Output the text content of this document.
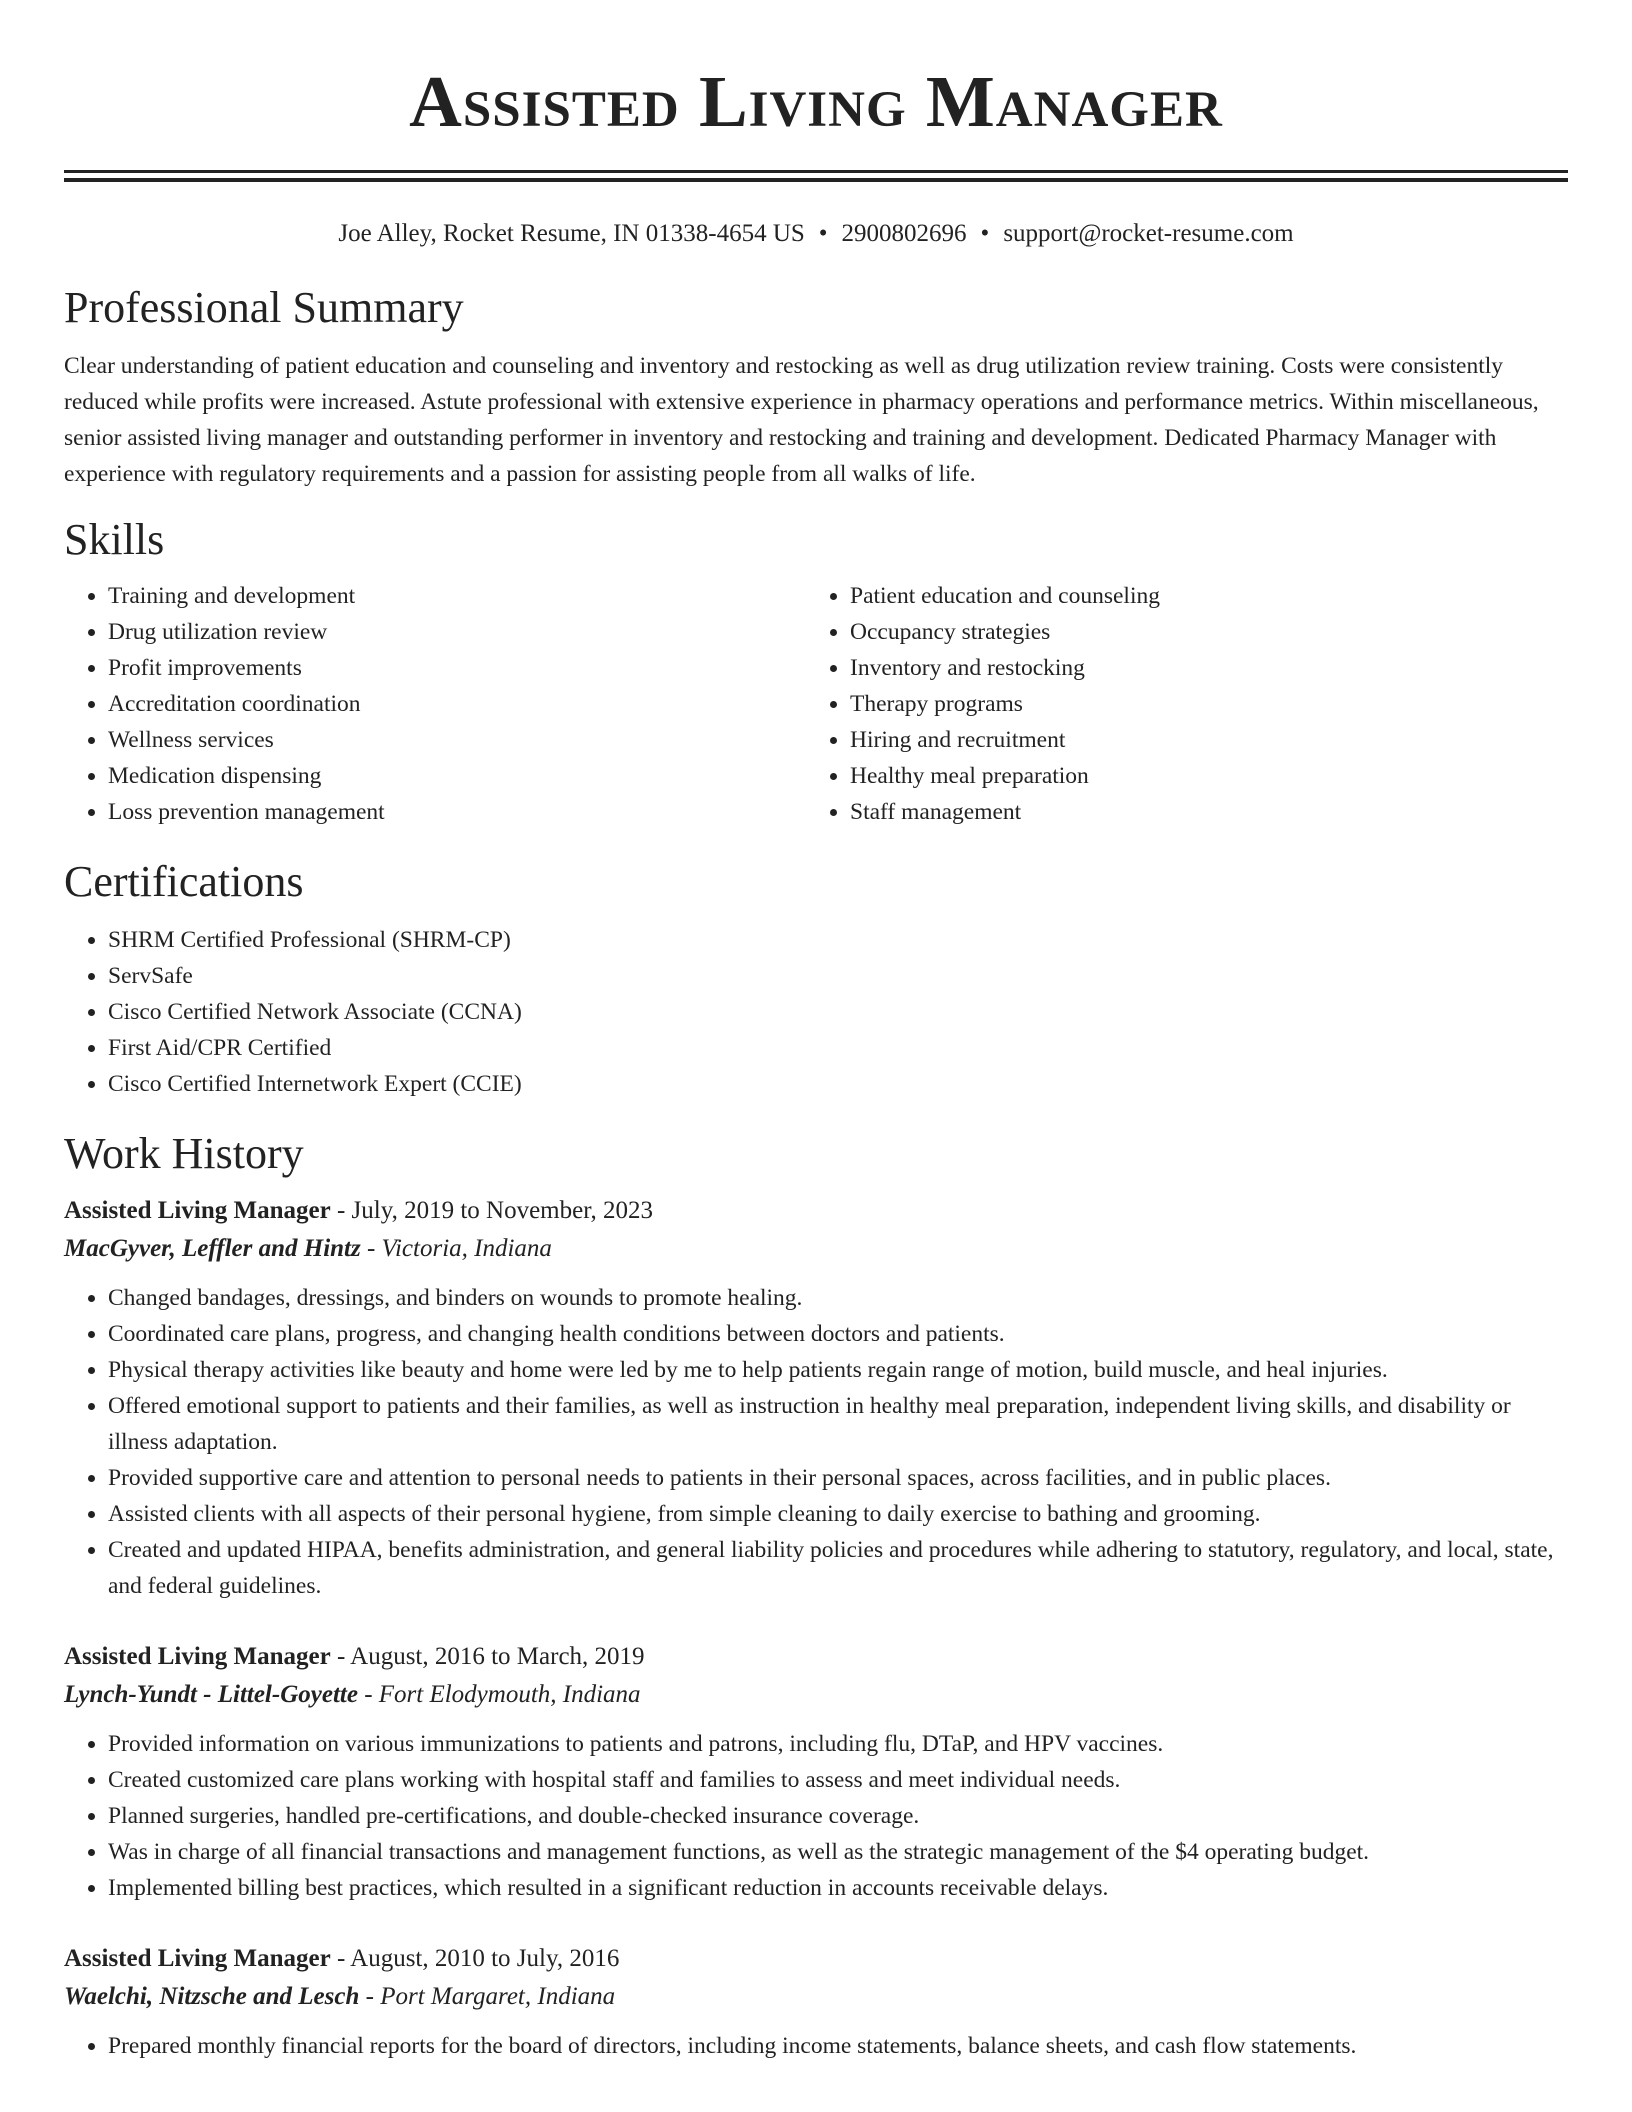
Assisted Living Manager
Joe Alley, Rocket Resume, IN 01338-4654 US • 2900802696 • support@rocket-resume.com
Professional Summary
Clear understanding of patient education and counseling and inventory and restocking as well as drug utilization review training. Costs were consistently reduced while profits were increased. Astute professional with extensive experience in pharmacy operations and performance metrics. Within miscellaneous, senior assisted living manager and outstanding performer in inventory and restocking and training and development. Dedicated Pharmacy Manager with experience with regulatory requirements and a passion for assisting people from all walks of life.
Skills
• Training and development
• Drug utilization review
• Profit improvements
• Accreditation coordination
• Wellness services
• Medication dispensing
• Loss prevention management
• Patient education and counseling
• Occupancy strategies
• Inventory and restocking
• Therapy programs
• Hiring and recruitment
• Healthy meal preparation
• Staff management
Certifications
• SHRM Certified Professional (SHRM-CP)
• ServSafe
• Cisco Certified Network Associate (CCNA)
• First Aid/CPR Certified
• Cisco Certified Internetwork Expert (CCIE)
Work History
Assisted Living Manager - July, 2019 to November, 2023
MacGyver, Leffler and Hintz - Victoria, Indiana
• Changed bandages, dressings, and binders on wounds to promote healing.
• Coordinated care plans, progress, and changing health conditions between doctors and patients.
• Physical therapy activities like beauty and home were led by me to help patients regain range of motion, build muscle, and heal injuries.
• Offered emotional support to patients and their families, as well as instruction in healthy meal preparation, independent living skills, and disability or illness adaptation.
• Provided supportive care and attention to personal needs to patients in their personal spaces, across facilities, and in public places.
• Assisted clients with all aspects of their personal hygiene, from simple cleaning to daily exercise to bathing and grooming.
• Created and updated HIPAA, benefits administration, and general liability policies and procedures while adhering to statutory, regulatory, and local, state, and federal guidelines.
Assisted Living Manager - August, 2016 to March, 2019
Lynch-Yundt - Littel-Goyette - Fort Elodymouth, Indiana
• Provided information on various immunizations to patients and patrons, including flu, DTaP, and HPV vaccines.
• Created customized care plans working with hospital staff and families to assess and meet individual needs.
• Planned surgeries, handled pre-certifications, and double-checked insurance coverage.
• Was in charge of all financial transactions and management functions, as well as the strategic management of the $4 operating budget.
• Implemented billing best practices, which resulted in a significant reduction in accounts receivable delays.
Assisted Living Manager - August, 2010 to July, 2016
Waelchi, Nitzsche and Lesch - Port Margaret, Indiana
• Prepared monthly financial reports for the board of directors, including income statements, balance sheets, and cash flow statements.
